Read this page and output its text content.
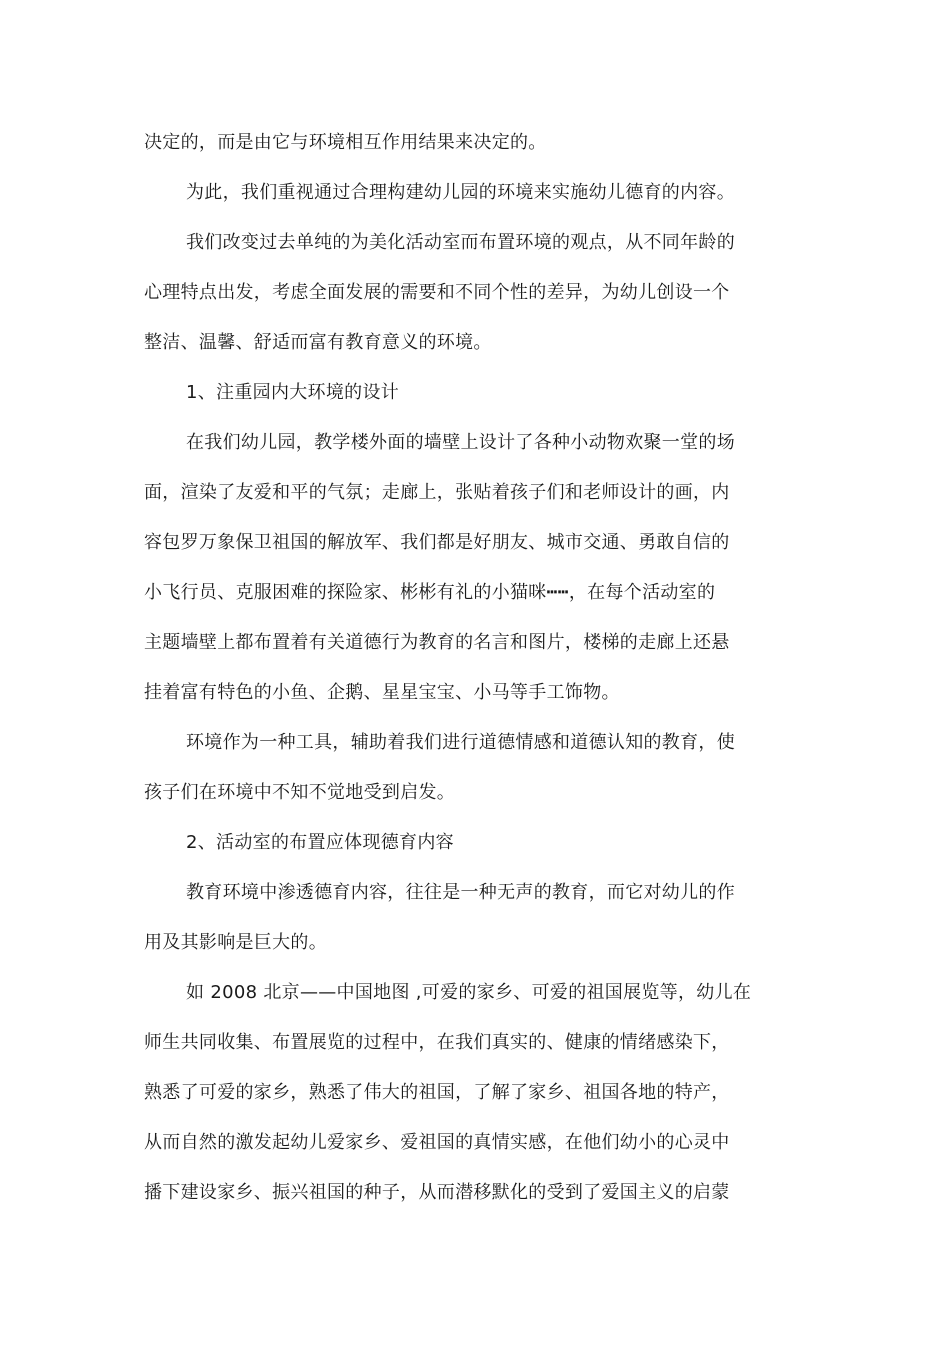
决定的，而是由它与环境相互作用结果来决定的。
为此，我们重视通过合理构建幼儿园的环境来实施幼儿德育的内容。
我们改变过去单纯的为美化活动室而布置环境的观点，从不同年龄的
心理特点出发，考虑全面发展的需要和不同个性的差异，为幼儿创设一个
整洁、温馨、舒适而富有教育意义的环境。
1、注重园内大环境的设计
在我们幼儿园，教学楼外面的墙壁上设计了各种小动物欢聚一堂的场
面，渲染了友爱和平的气氛；走廊上，张贴着孩子们和老师设计的画，内
容包罗万象保卫祖国的解放军、我们都是好朋友、城市交通、勇敢自信的
小飞行员、克服困难的探险家、彬彬有礼的小猫咪┅┅，在每个活动室的
主题墙壁上都布置着有关道德行为教育的名言和图片，楼梯的走廊上还悬
挂着富有特色的小鱼、企鹅、星星宝宝、小马等手工饰物。
环境作为一种工具，辅助着我们进行道德情感和道德认知的教育，使
孩子们在环境中不知不觉地受到启发。
2、活动室的布置应体现德育内容
教育环境中渗透德育内容，往往是一种无声的教育，而它对幼儿的作
用及其影响是巨大的。
如 2008 北京——中国地图 ,可爱的家乡、可爱的祖国展览等，幼儿在
师生共同收集、布置展览的过程中，在我们真实的、健康的情绪感染下，
熟悉了可爱的家乡，熟悉了伟大的祖国，了解了家乡、祖国各地的特产，
从而自然的激发起幼儿爱家乡、爱祖国的真情实感，在他们幼小的心灵中
播下建设家乡、振兴祖国的种子，从而潜移默化的受到了爱国主义的启蒙
